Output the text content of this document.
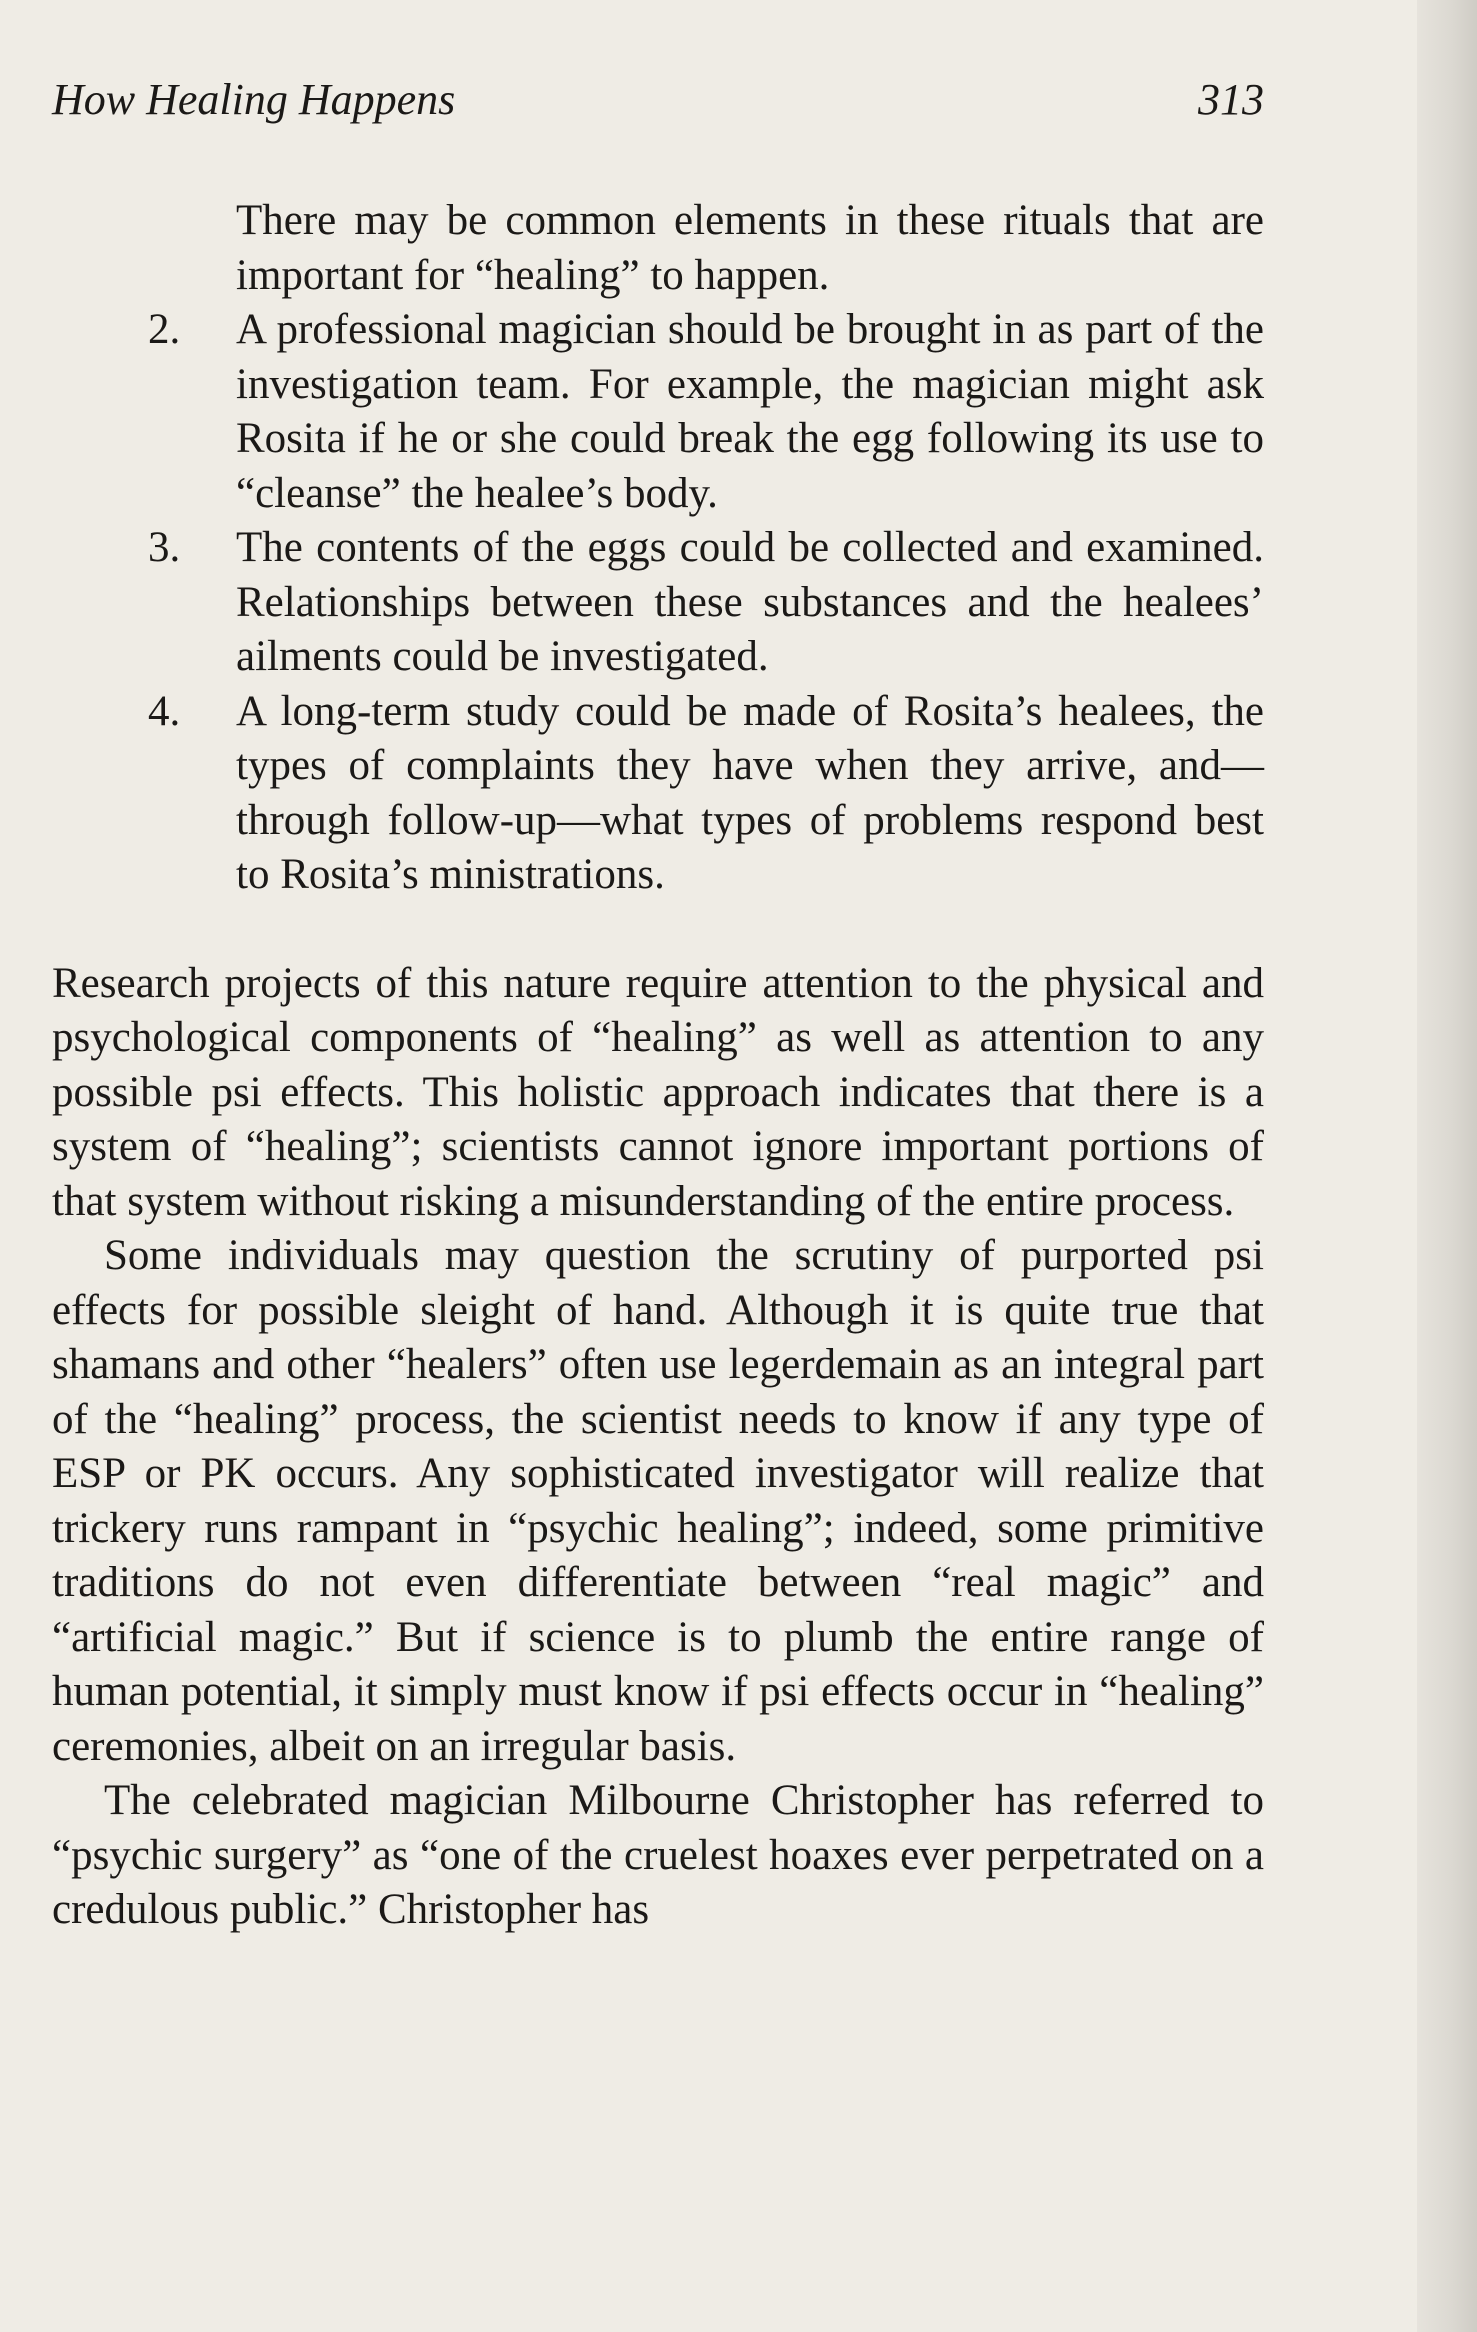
How Healing Happens	313
There may be common elements in these rituals that are important for “healing” to happen.
2. A professional magician should be brought in as part of the investigation team. For example, the magician might ask Rosita if he or she could break the egg following its use to “cleanse” the healee’s body.
3. The contents of the eggs could be collected and examined. Relationships between these substances and the healees’ ailments could be investigated.
4. A long-term study could be made of Rosita’s healees, the types of complaints they have when they arrive, and—through follow-up—what types of problems respond best to Rosita’s ministrations.

Research projects of this nature require attention to the physical and psychological components of “healing” as well as attention to any possible psi effects. This holistic approach indicates that there is a system of “healing”; scientists cannot ignore important portions of that system without risking a misunderstanding of the entire process.

Some individuals may question the scrutiny of purported psi effects for possible sleight of hand. Although it is quite true that shamans and other “healers” often use legerdemain as an integral part of the “healing” process, the scientist needs to know if any type of ESP or PK occurs. Any sophisticated investigator will realize that trickery runs rampant in “psychic healing”; indeed, some primitive traditions do not even differentiate between “real magic” and “artificial magic.” But if science is to plumb the entire range of human potential, it simply must know if psi effects occur in “healing” ceremonies, albeit on an irregular basis.

The celebrated magician Milbourne Christopher has referred to “psychic surgery” as “one of the cruelest hoaxes ever perpetrated on a credulous public.” Christopher has
